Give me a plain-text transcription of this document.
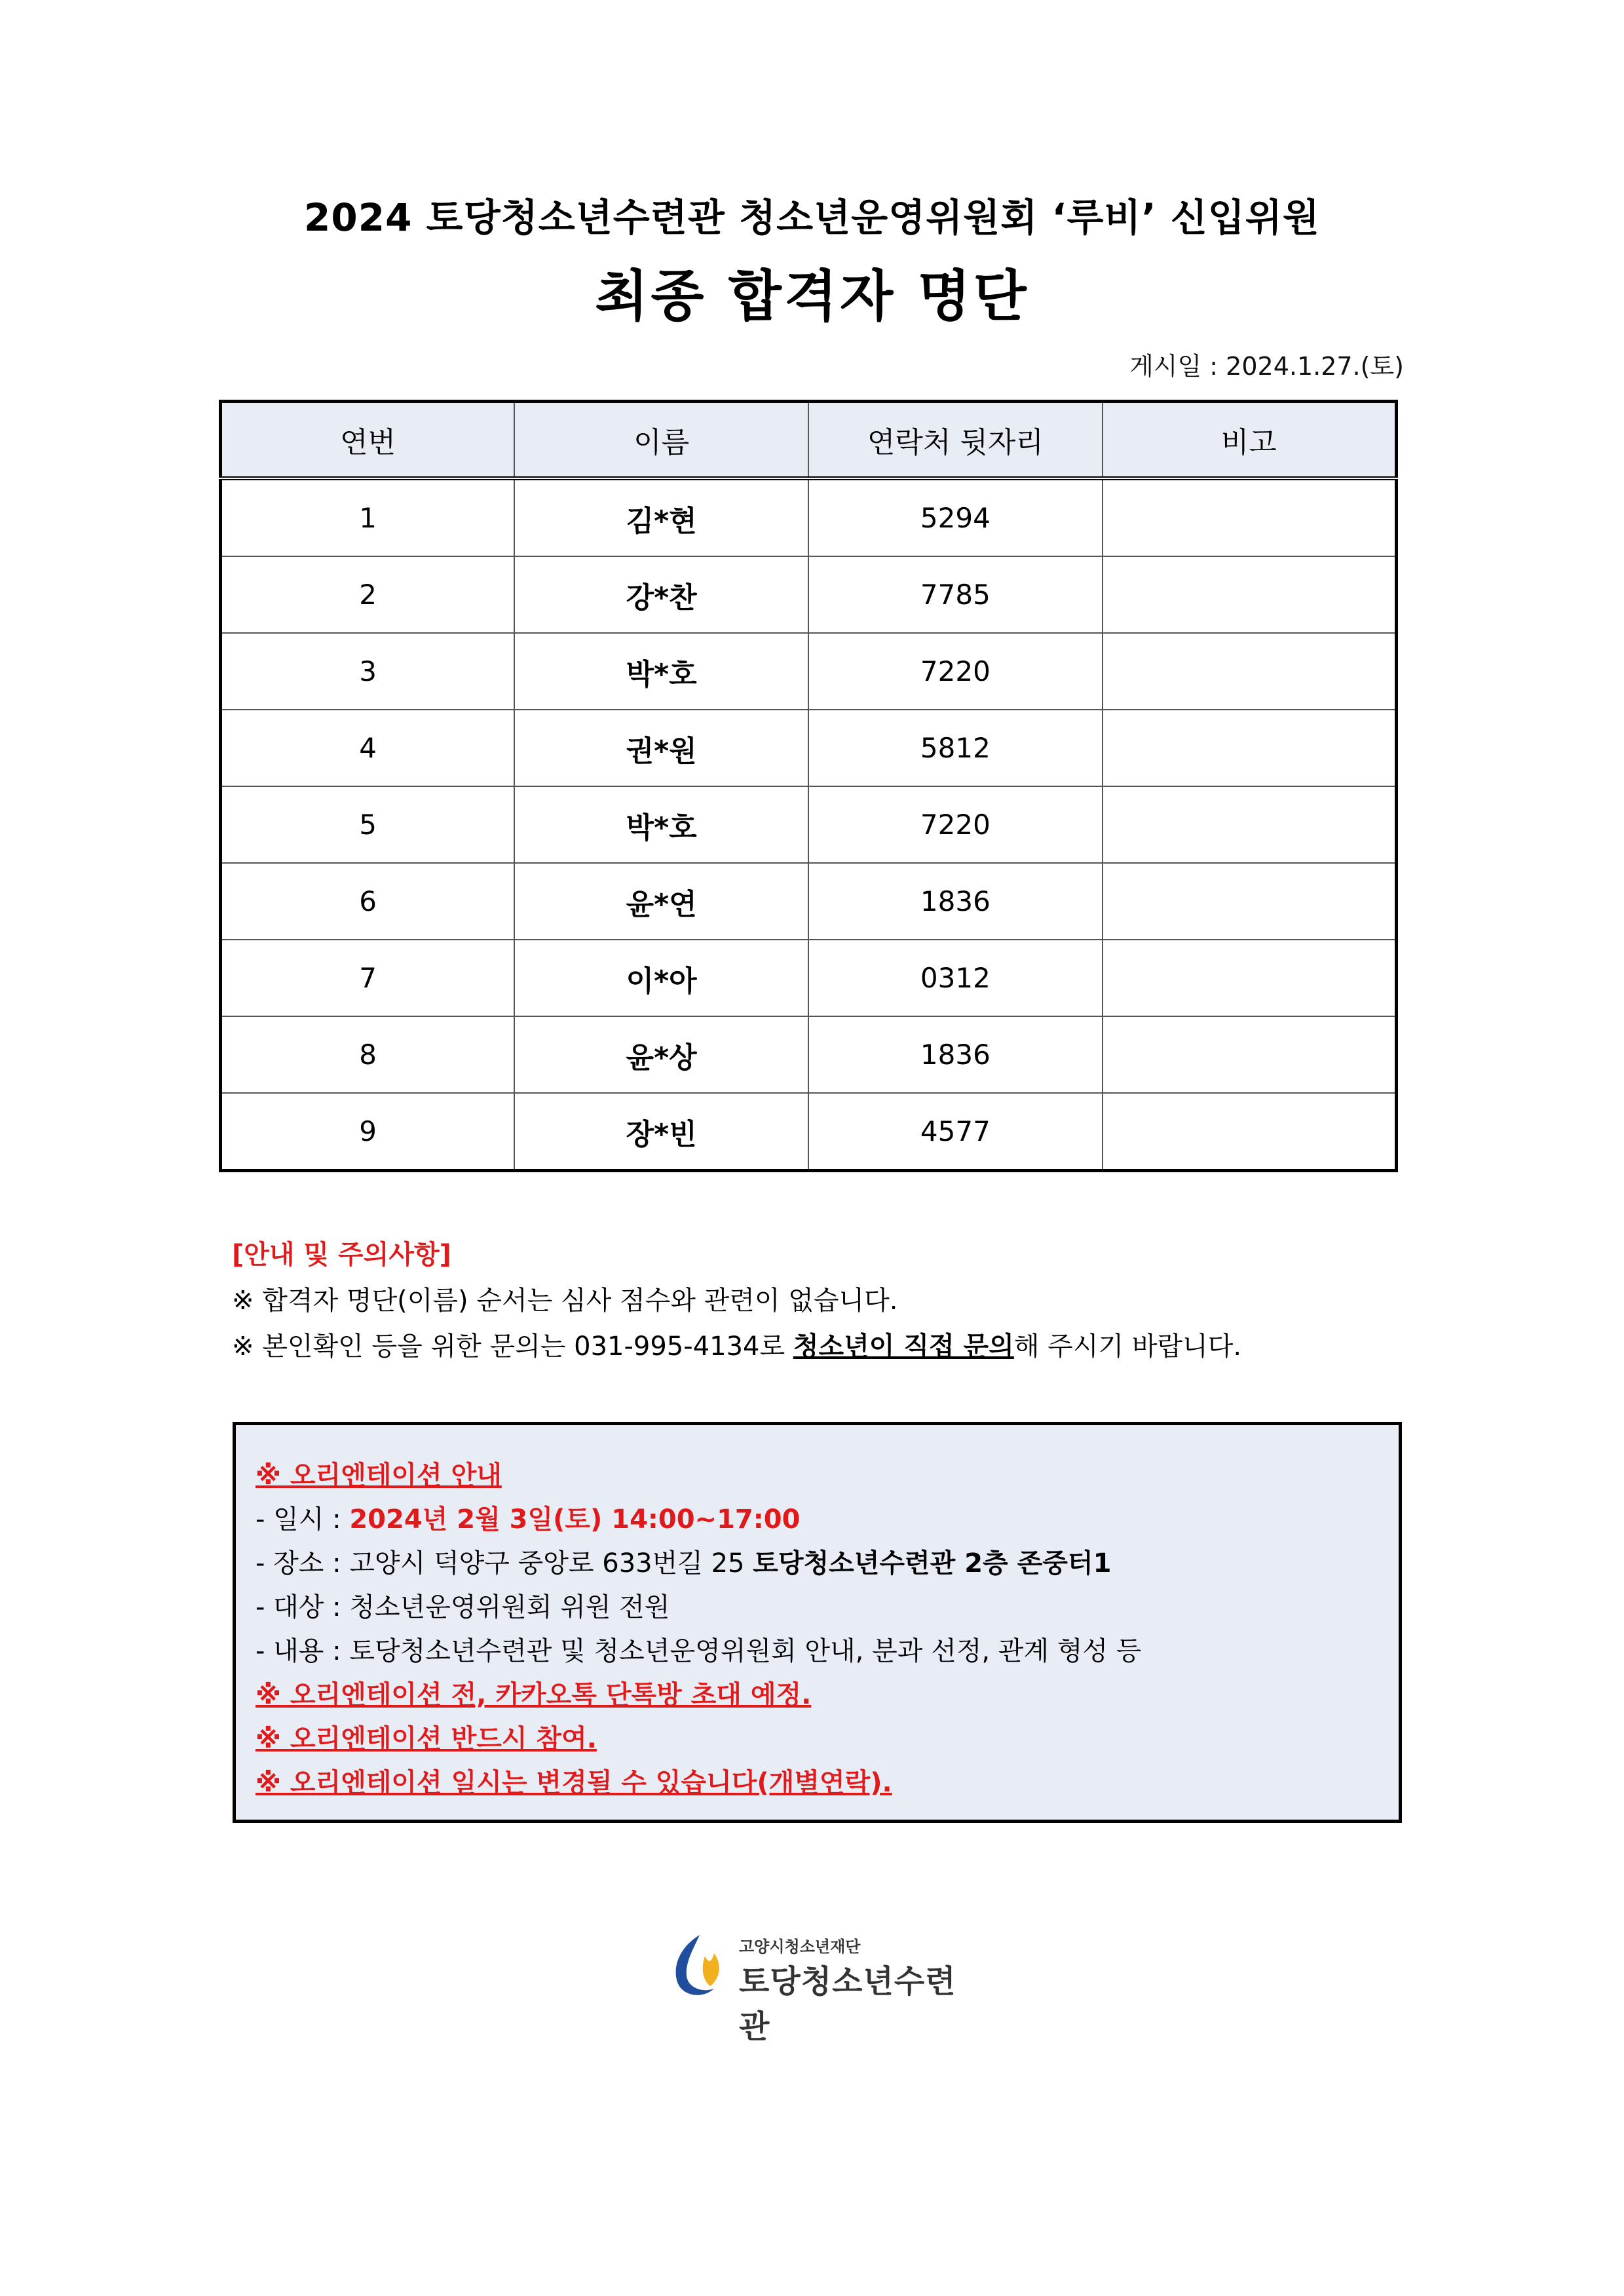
2024 토당청소년수련관 청소년운영위원회 ‘루비’ 신입위원
최종 합격자 명단
게시일 : 2024.1.27.(토)
연번	이름	연락처 뒷자리	비고
1	김*현	5294	
2	강*찬	7785	
3	박*호	7220	
4	권*원	5812	
5	박*호	7220	
6	윤*연	1836	
7	이*아	0312	
8	윤*상	1836	
9	장*빈	4577	
[안내 및 주의사항]
※ 합격자 명단(이름) 순서는 심사 점수와 관련이 없습니다.
※ 본인확인 등을 위한 문의는 031-995-4134로 청소년이 직접 문의해 주시기 바랍니다.
※ 오리엔테이션 안내
- 일시 : 2024년 2월 3일(토) 14:00~17:00
- 장소 : 고양시 덕양구 중앙로 633번길 25 토당청소년수련관 2층 존중터1
- 대상 : 청소년운영위원회 위원 전원
- 내용 : 토당청소년수련관 및 청소년운영위원회 안내, 분과 선정, 관계 형성 등
※ 오리엔테이션 전, 카카오톡 단톡방 초대 예정.
※ 오리엔테이션 반드시 참여.
※ 오리엔테이션 일시는 변경될 수 있습니다(개별연락).
고양시청소년재단
토당청소년수련관
